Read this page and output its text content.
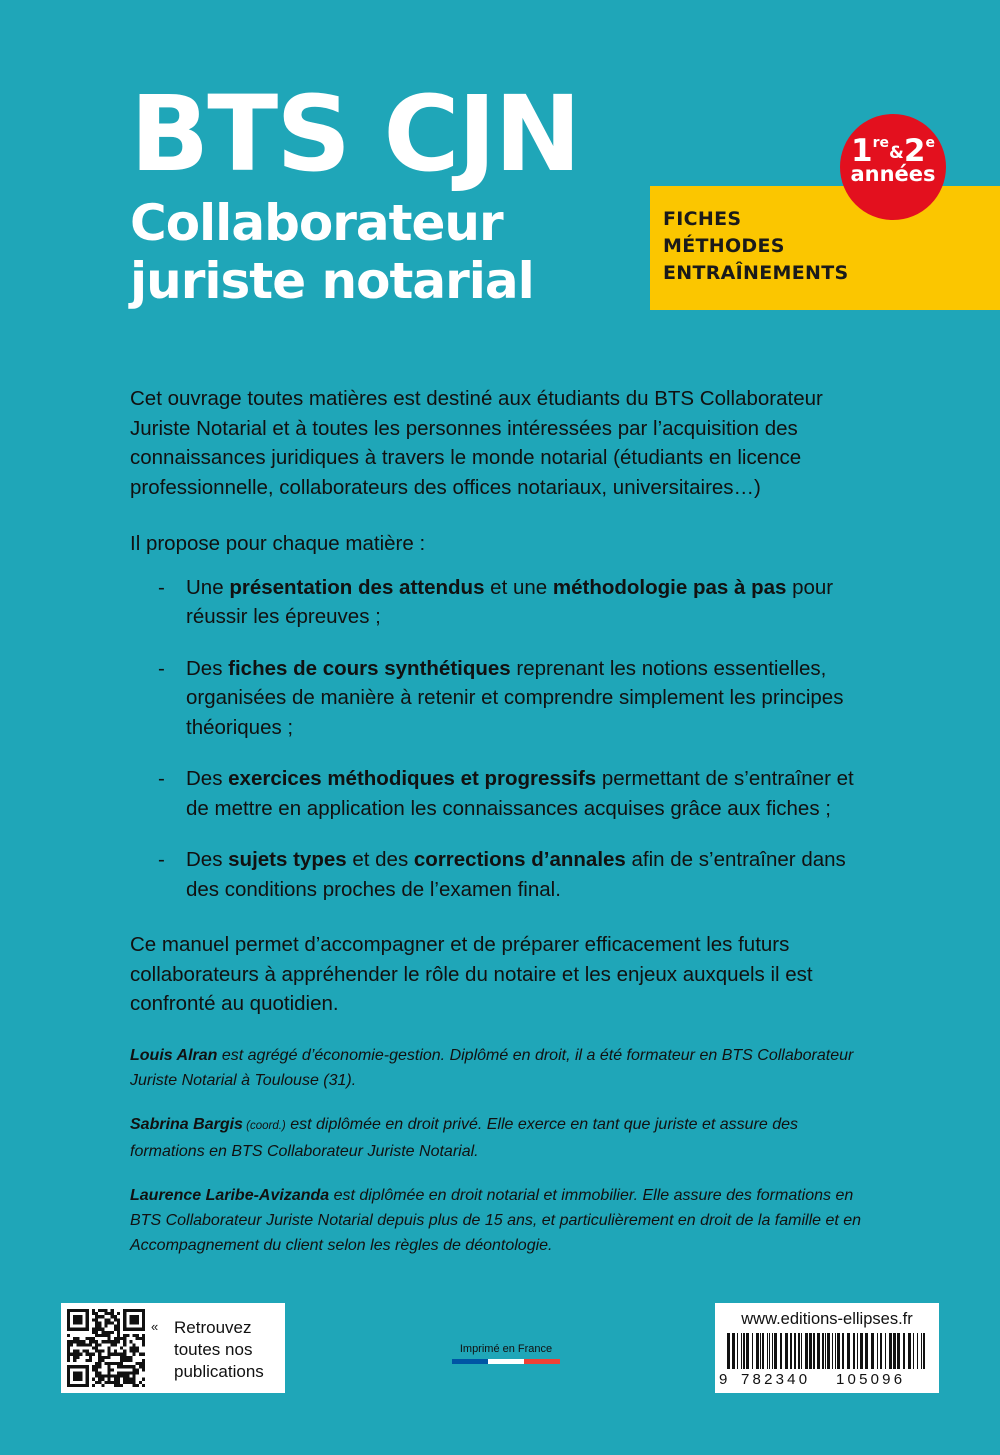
BTS CJN
Collaborateur
juriste notarial
FICHES
MÉTHODES
ENTRAÎNEMENTS
1re&2e
années

Cet ouvrage toutes matières est destiné aux étudiants du BTS Collaborateur Juriste Notarial et à toutes les personnes intéressées par l’acquisition des connaissances juridiques à travers le monde notarial (étudiants en licence professionnelle, collaborateurs des offices notariaux, universitaires…)

Il propose pour chaque matière :

- Une présentation des attendus et une méthodologie pas à pas pour réussir les épreuves ;
- Des fiches de cours synthétiques reprenant les notions essentielles, organisées de manière à retenir et comprendre simplement les principes théoriques ;
- Des exercices méthodiques et progressifs permettant de s’entraîner et de mettre en application les connaissances acquises grâce aux fiches ;
- Des sujets types et des corrections d’annales afin de s’entraîner dans des conditions proches de l’examen final.

Ce manuel permet d’accompagner et de préparer efficacement les futurs collaborateurs à appréhender le rôle du notaire et les enjeux auxquels il est confronté au quotidien.

Louis Alran est agrégé d’économie-gestion. Diplômé en droit, il a été formateur en BTS Collaborateur Juriste Notarial à Toulouse (31).

Sabrina Bargis (coord.) est diplômée en droit privé. Elle exerce en tant que juriste et assure des formations en BTS Collaborateur Juriste Notarial.

Laurence Laribe-Avizanda est diplômée en droit notarial et immobilier. Elle assure des formations en BTS Collaborateur Juriste Notarial depuis plus de 15 ans, et particulièrement en droit de la famille et en Accompagnement du client selon les règles de déontologie.

« Retrouvez
toutes nos
publications
Imprimé en France
www.editions-ellipses.fr
9 782340 105096
